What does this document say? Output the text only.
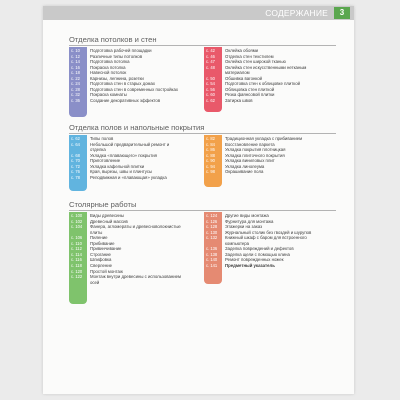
СОДЕРЖАНИЕ	3
Отделка потолков и стен
с. 10	Подготовка рабочей площадки
с. 12	Различные типы потолков
с. 14	Подготовка потолка
с. 16	Покраска потолка
с. 18	Навесной потолок
с. 22	Карнизы, лепнина, розетки
с. 24	Подготовка стен в старых домах
с. 28	Подготовка стен в современных постройках
с. 32	Покраска комнаты
с. 36	Создание декоративных эффектов
с. 42	Оклейка обоями
с. 46	Отделка стен текстилем
с. 47	Оклейка стен широкой тканью
с. 48	Оклейка стен искусственными нетканым
материалом
с. 50	Обшивка вагонкой
с. 54	Подготовка стен к облицовке плиткой
с. 56	Облицовка стен плиткой
с. 60	Резка фаянсовой плитки
с. 62	Затирка швов
Отделка полов и напольные покрытия
с. 62	Типы полов
с. 64	Небольшой предварительный ремонт и
отделка
с. 68	Укладка «плавающего» покрытия
с. 70	Приготовление
с. 72	Укладка кафельной плитки
с. 76	Края, вырезы, швы и плинтусы
с. 78	Реподвижная и «плавающая» укладка
с. 82	Традиционная укладка с прибиванием
с. 84	Восстановление паркета
с. 86	Укладка покрытия плотницкая
с. 88	Укладка плиточного покрытия
с. 90	Укладка виниловых плит
с. 94	Укладка линолеума
с. 98	Окрашивание пола
Столярные работы
с. 100	Виды древесины
с. 102	Древесный массив
с. 104	Фанера, агломераты и древесноволокнистые
плиты
с. 106	Пиление
с. 110	Прибивание
с. 112	Привинчивание
с. 114	Строгание
с. 116	Шлифовка
с. 118	Сверление
с. 120	Простой монтаж
с. 122	Монтаж внутри древесины с использованием
осей
с. 124	Другие виды монтажа
с. 126	Фурнитура для монтажа
с. 128	Этажерки на заказ
с. 130	Журнальный столик без гвоздей и шурупов
с. 132	Книжный шкаф с баром для встроенного
компьютера
с. 136	Заделка повреждений и дефектов
с. 138	Заделка щели с помощью клина
с. 140	Ремонт поврежденных ножек
с. 141	Предметный указатель
